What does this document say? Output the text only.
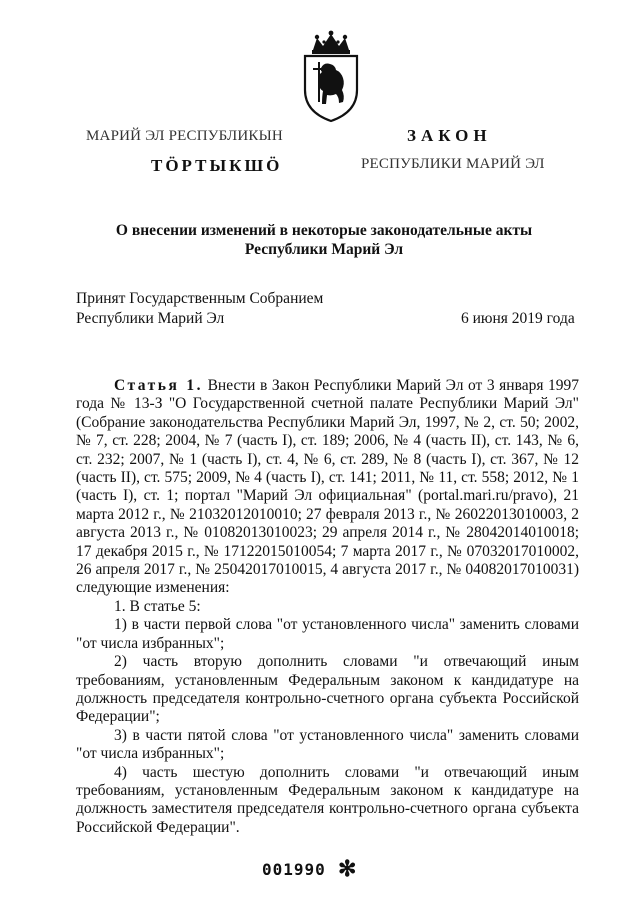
МАРИЙ ЭЛ РЕСПУБЛИКЫН
ТӦРТЫКШӦ
ЗАКОН
РЕСПУБЛИКИ МАРИЙ ЭЛ
О внесении изменений в некоторые законодательные акты
Республики Марий Эл
Принят Государственным Собранием
Республики Марий Эл	6 июня 2019 года

Статья 1. Внести в Закон Республики Марий Эл от 3 января 1997 года № 13-З "О Государственной счетной палате Республики Марий Эл" (Собрание законодательства Республики Марий Эл, 1997, № 2, ст. 50; 2002, № 7, ст. 228; 2004, № 7 (часть I), ст. 189; 2006, № 4 (часть II), ст. 143, № 6, ст. 232; 2007, № 1 (часть I), ст. 4, № 6, ст. 289, № 8 (часть I), ст. 367, № 12 (часть II), ст. 575; 2009, № 4 (часть I), ст. 141; 2011, № 11, ст. 558; 2012, № 1 (часть I), ст. 1; портал "Марий Эл официальная" (portal.mari.ru/pravo), 21 марта 2012 г., № 21032012010010; 27 февраля 2013 г., № 26022013010003, 2 августа 2013 г., № 01082013010023; 29 апреля 2014 г., № 28042014010018; 17 декабря 2015 г., № 17122015010054; 7 марта 2017 г., № 07032017010002, 26 апреля 2017 г., № 25042017010015, 4 августа 2017 г., № 04082017010031) следующие изменения:

1. В статье 5:

1) в части первой слова "от установленного числа" заменить словами "от числа избранных";

2) часть вторую дополнить словами "и отвечающий иным требованиям, установленным Федеральным законом к кандидатуре на должность председателя контрольно-счетного органа субъекта Российской Федерации";

3) в части пятой слова "от установленного числа" заменить словами "от числа избранных";

4) часть шестую дополнить словами "и отвечающий иным требованиям, установленным Федеральным законом к кандидатуре на должность заместителя председателя контрольно-счетного органа субъекта Российской Федерации".

001990 ✻
